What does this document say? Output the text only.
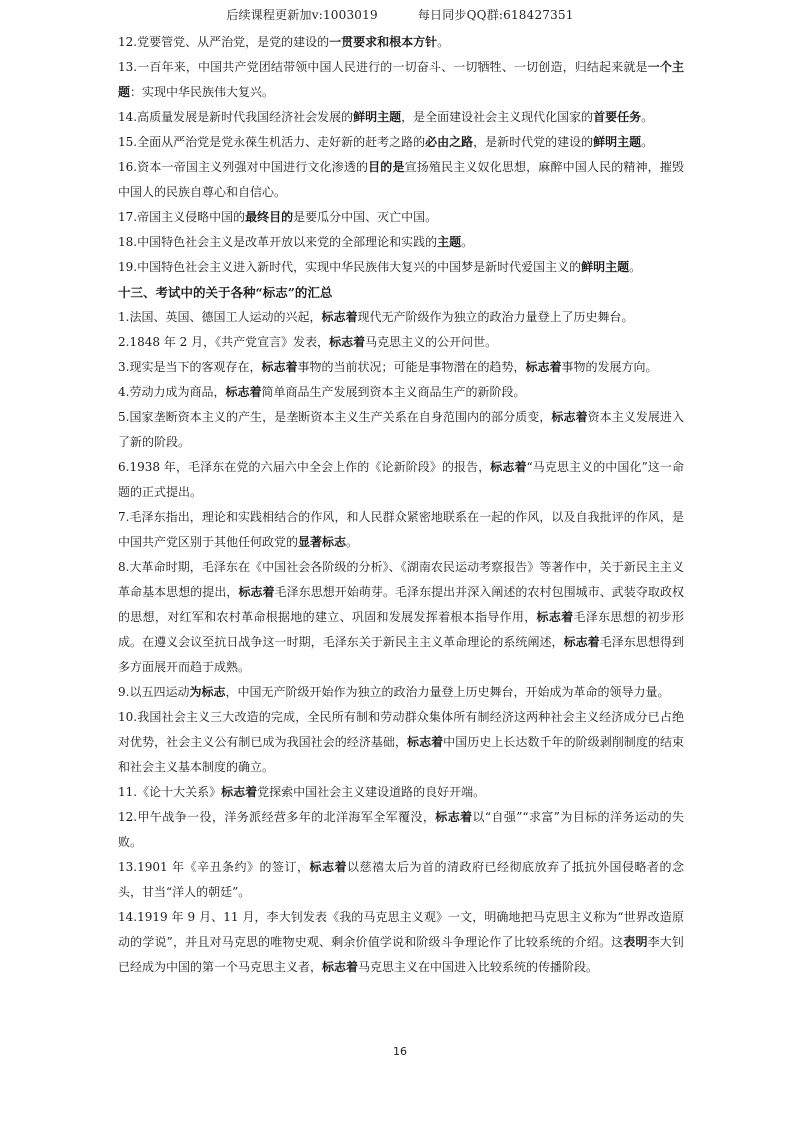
后续课程更新加v:1003019	每日同步QQ群:618427351

12.党要管党、从严治党，是党的建设的一贯要求和根本方针。

13.一百年来，中国共产党团结带领中国人民进行的一切奋斗、一切牺牲、一切创造，归结起来就是一个主题：实现中华民族伟大复兴。

14.高质量发展是新时代我国经济社会发展的鲜明主题，是全面建设社会主义现代化国家的首要任务。

15.全面从严治党是党永葆生机活力、走好新的赶考之路的必由之路，是新时代党的建设的鲜明主题。

16.资本一帝国主义列强对中国进行文化渗透的目的是宣扬殖民主义奴化思想，麻醉中国人民的精神，摧毁中国人的民族自尊心和自信心。

17.帝国主义侵略中国的最终目的是要瓜分中国、灭亡中国。

18.中国特色社会主义是改革开放以来党的全部理论和实践的主题。

19.中国特色社会主义进入新时代，实现中华民族伟大复兴的中国梦是新时代爱国主义的鲜明主题。

十三、考试中的关于各种“标志”的汇总

1.法国、英国、德国工人运动的兴起，标志着现代无产阶级作为独立的政治力量登上了历史舞台。

2.1848 年 2 月，《共产党宣言》发表，标志着马克思主义的公开问世。

3.现实是当下的客观存在，标志着事物的当前状况；可能是事物潜在的趋势，标志着事物的发展方向。

4.劳动力成为商品，标志着简单商品生产发展到资本主义商品生产的新阶段。

5.国家垄断资本主义的产生，是垄断资本主义生产关系在自身范围内的部分质变，标志着资本主义发展进入了新的阶段。

6.1938 年，毛泽东在党的六届六中全会上作的《论新阶段》的报告，标志着“马克思主义的中国化”这一命题的正式提出。

7.毛泽东指出，理论和实践相结合的作风，和人民群众紧密地联系在一起的作风，以及自我批评的作风，是中国共产党区别于其他任何政党的显著标志。

8.大革命时期，毛泽东在《中国社会各阶级的分析》、《湖南农民运动考察报告》等著作中，关于新民主主义革命基本思想的提出，标志着毛泽东思想开始萌芽。毛泽东提出并深入阐述的农村包围城市、武装夺取政权的思想，对红军和农村革命根据地的建立、巩固和发展发挥着根本指导作用，标志着毛泽东思想的初步形成。在遵义会议至抗日战争这一时期，毛泽东关于新民主主义革命理论的系统阐述，标志着毛泽东思想得到多方面展开而趋于成熟。

9.以五四运动为标志，中国无产阶级开始作为独立的政治力量登上历史舞台，开始成为革命的领导力量。

10.我国社会主义三大改造的完成，全民所有制和劳动群众集体所有制经济这两种社会主义经济成分已占绝对优势，社会主义公有制已成为我国社会的经济基础，标志着中国历史上长达数千年的阶级剥削制度的结束和社会主义基本制度的确立。

11.《论十大关系》标志着党探索中国社会主义建设道路的良好开端。

12.甲午战争一役，洋务派经营多年的北洋海军全军覆没，标志着以“自强”“求富”为目标的洋务运动的失败。

13.1901 年《辛丑条约》的签订，标志着以慈禧太后为首的清政府已经彻底放弃了抵抗外国侵略者的念头，甘当“洋人的朝廷”。

14.1919 年 9 月、11 月，李大钊发表《我的马克思主义观》一文，明确地把马克思主义称为“世界改造原动的学说”，并且对马克思的唯物史观、剩余价值学说和阶级斗争理论作了比较系统的介绍。这表明李大钊已经成为中国的第一个马克思主义者，标志着马克思主义在中国进入比较系统的传播阶段。

16
